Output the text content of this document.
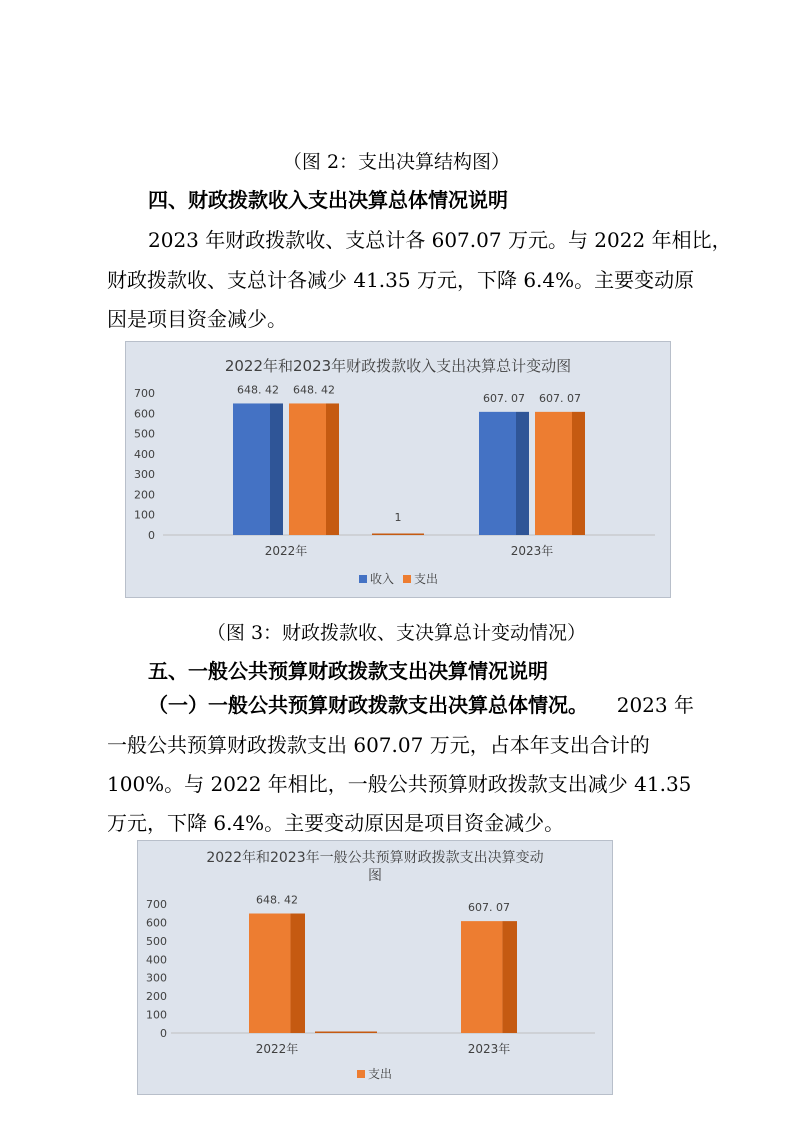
（图 2：支出决算结构图）
四、财政拨款收入支出决算总体情况说明
2023 年财政拨款收、支总计各 607.07 万元。与 2022 年相比，
财政拨款收、支总计各减少 41.35 万元，下降 6.4%。主要变动原
因是项目资金减少。
2022年和2023年财政拨款收入支出决算总计变动图
0
100
200
300
400
500
600
700
2022年	2023年
648. 42 648. 42
607. 07 607. 07
1
收入 支出
（图 3：财政拨款收、支决算总计变动情况）
五、一般公共预算财政拨款支出决算情况说明
（一）一般公共预算财政拨款支出决算总体情况。 2023 年
一般公共预算财政拨款支出 607.07 万元，占本年支出合计的
100%。与 2022 年相比，一般公共预算财政拨款支出减少 41.35
万元，下降 6.4%。主要变动原因是项目资金减少。
2022年和2023年一般公共预算财政拨款支出决算变动
图
0
100
200
300
400
500
600
700
2022年	2023年
648. 42
607. 07
支出
